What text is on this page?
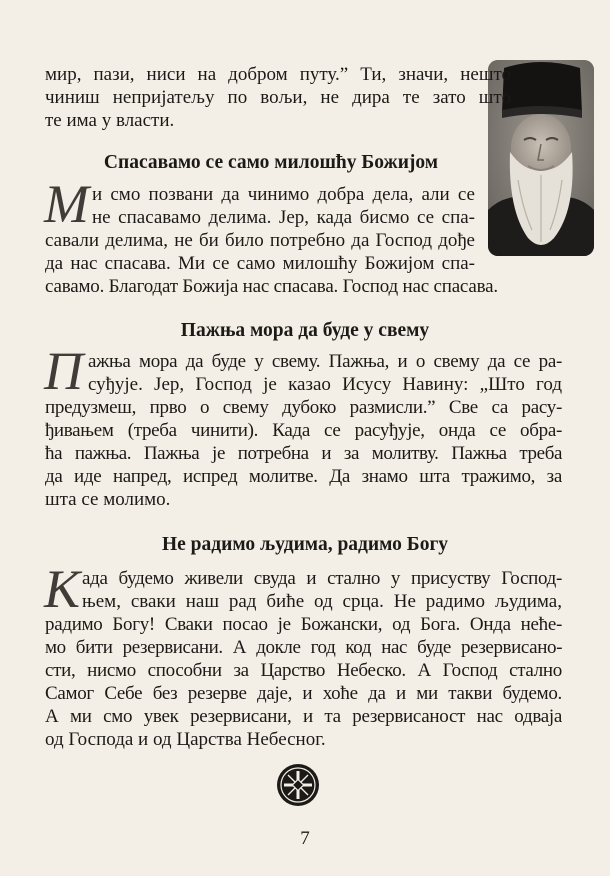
мир, пази, ниси на добром путу.” Ти, значи, нешто

чиниш непријатељу по вољи, не дира те зато што

те има у власти.

Спасавамо се само милошћу Божијом
М и смо позвани да чинимо добра дела, али се

не спасавамо делима. Јер, када бисмо се спа-

савали делима, не би било потребно да Господ дође

да нас спасава. Ми се само милошћу Божијом спа-

савамо. Благодат Божија нас спасава. Господ нас спасава.

Пажња мора да буде у свему
П ажња мора да буде у свему. Пажња, и о свему да се ра-

суђује. Јер, Господ је казао Исусу Навину: „Што год

предузмеш, прво о свему дубоко размисли.” Све са расу-

ђивањем (треба чинити). Када се расуђује, онда се обра-

ћа пажња. Пажња је потребна и за молитву. Пажња треба

да иде напред, испред молитве. Да знамо шта тражимо, за

шта се молимо.

Не радимо људима, радимо Богу
К ада будемо живели свуда и стално у присуству Господ-

њем, сваки наш рад биће од срца. Не радимо људима,

радимо Богу! Сваки посао је Божански, од Бога. Онда неће-

мо бити резервисани. А докле год код нас буде резервисано-

сти, нисмо способни за Царство Небеско. А Господ стално

Самог Себе без резерве даје, и хоће да и ми такви будемо.

А ми смо увек резервисани, и та резервисаност нас одваја

од Господа и од Царства Небесног.

7
